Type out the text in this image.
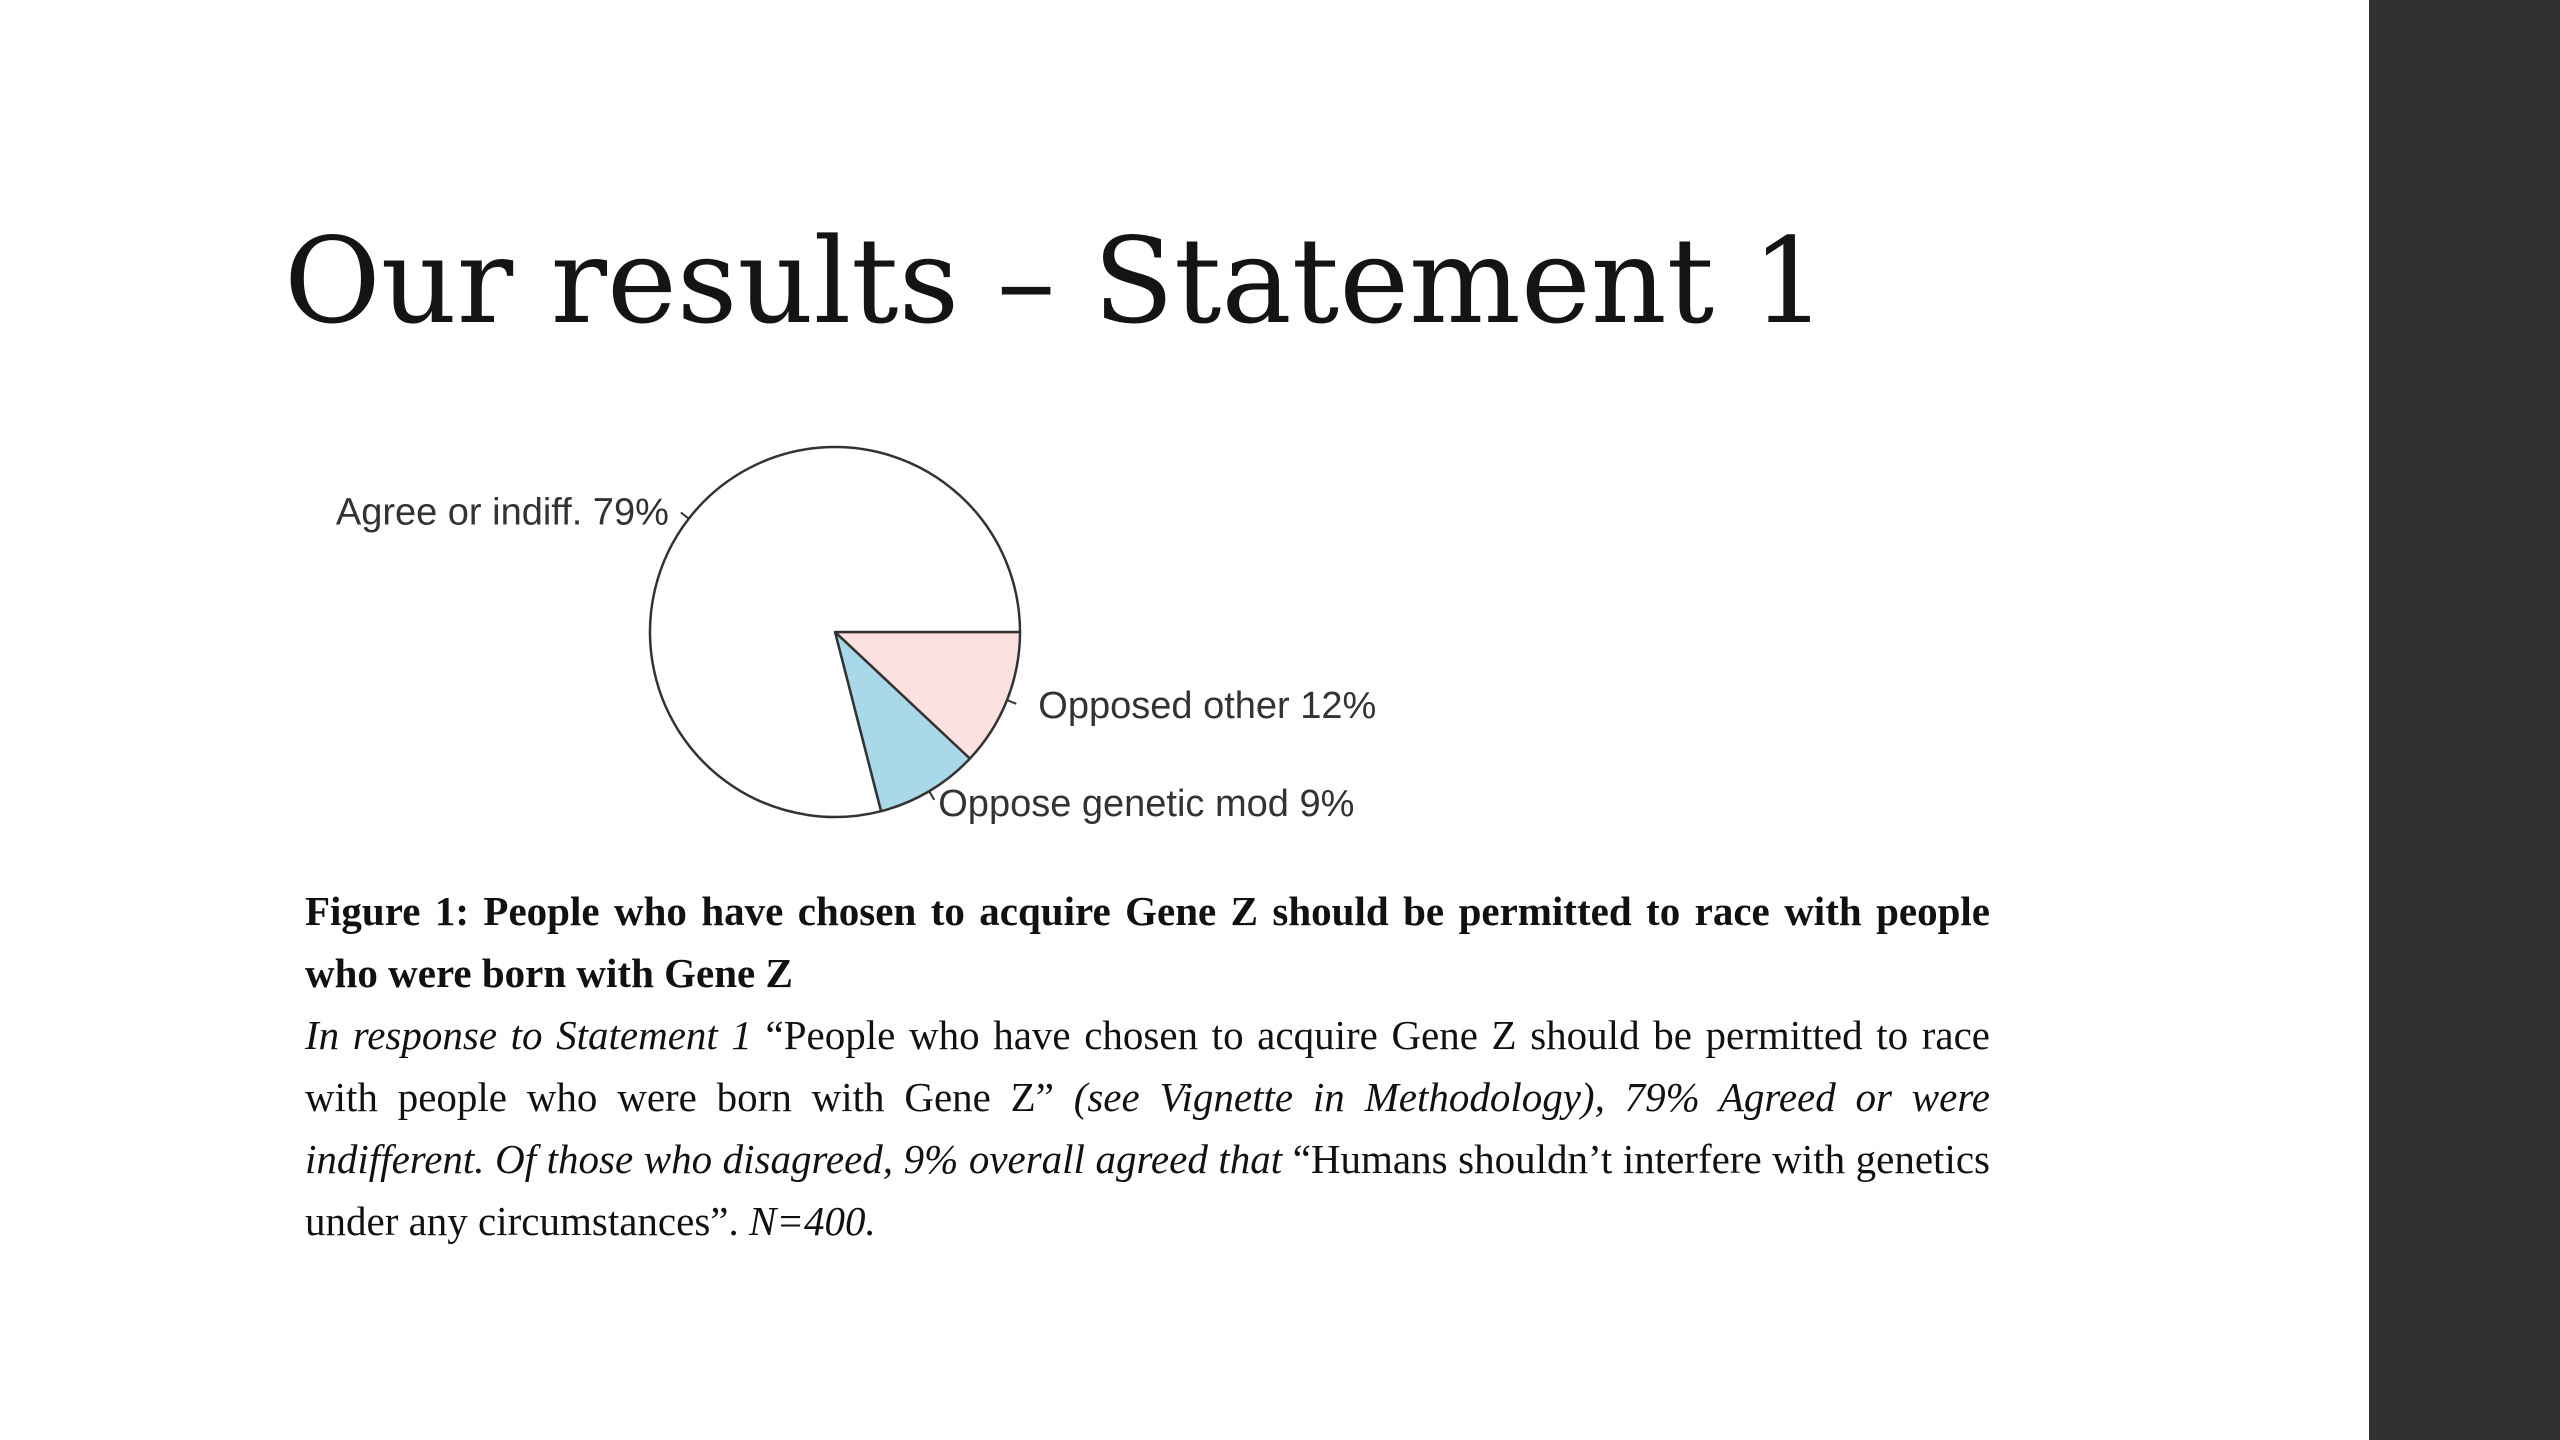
Our results – Statement 1
Opposed other 12%
Oppose genetic mod 9%
Agree or indiff. 79%

Figure 1: People who have chosen to acquire Gene Z should be permitted to race with people who were born with Gene Z

In response to Statement 1 “People who have chosen to acquire Gene Z should be permitted to race with people who were born with Gene Z” (see Vignette in Methodology), 79% Agreed or were indifferent. Of those who disagreed, 9% overall agreed that “Humans shouldn’t interfere with genetics under any circumstances”. N=400.
